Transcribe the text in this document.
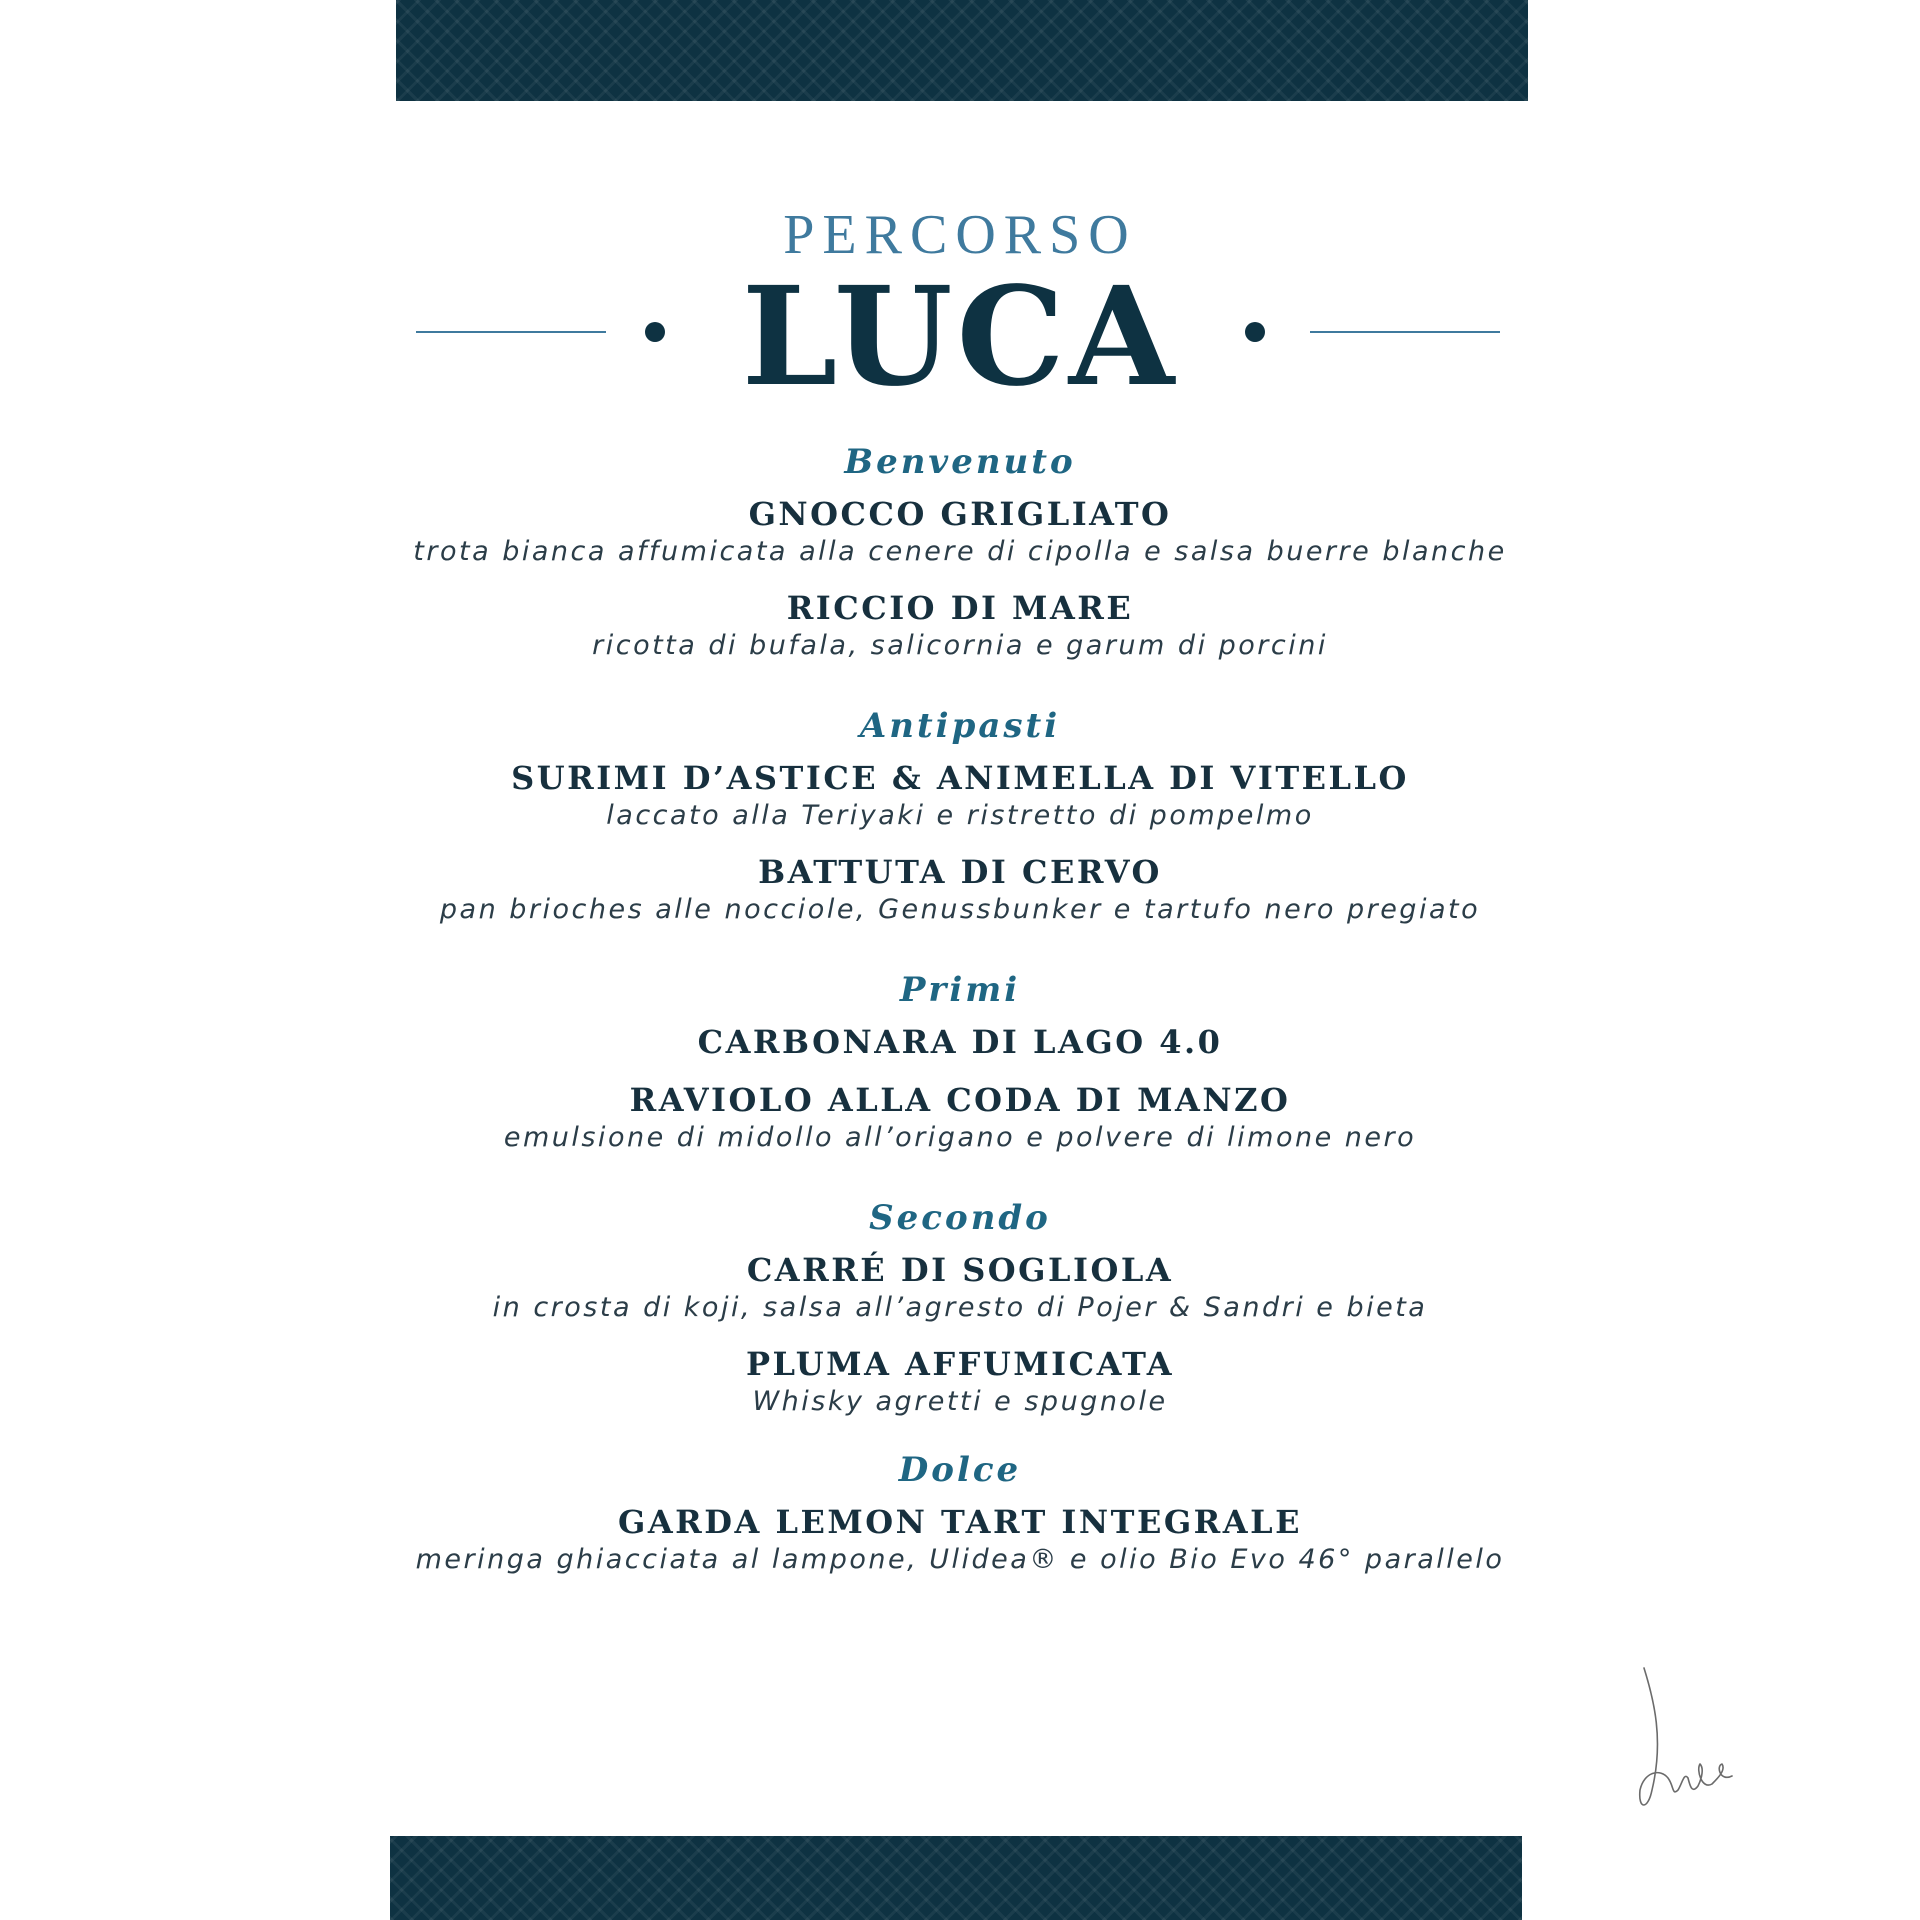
PERCORSO
LUCA
Benvenuto
GNOCCO GRIGLIATO
trota bianca affumicata alla cenere di cipolla e salsa buerre blanche
RICCIO DI MARE
ricotta di bufala, salicornia e garum di porcini
Antipasti
SURIMI D’ASTICE & ANIMELLA DI VITELLO
laccato alla Teriyaki e ristretto di pompelmo
BATTUTA DI CERVO
pan brioches alle nocciole, Genussbunker e tartufo nero pregiato
Primi
CARBONARA DI LAGO 4.0
RAVIOLO ALLA CODA DI MANZO
emulsione di midollo all’origano e polvere di limone nero
Secondo
CARRÉ DI SOGLIOLA
in crosta di koji, salsa all’agresto di Pojer & Sandri e bieta
PLUMA AFFUMICATA
Whisky agretti e spugnole
Dolce
GARDA LEMON TART INTEGRALE
meringa ghiacciata al lampone, Ulidea® e olio Bio Evo 46° parallelo
